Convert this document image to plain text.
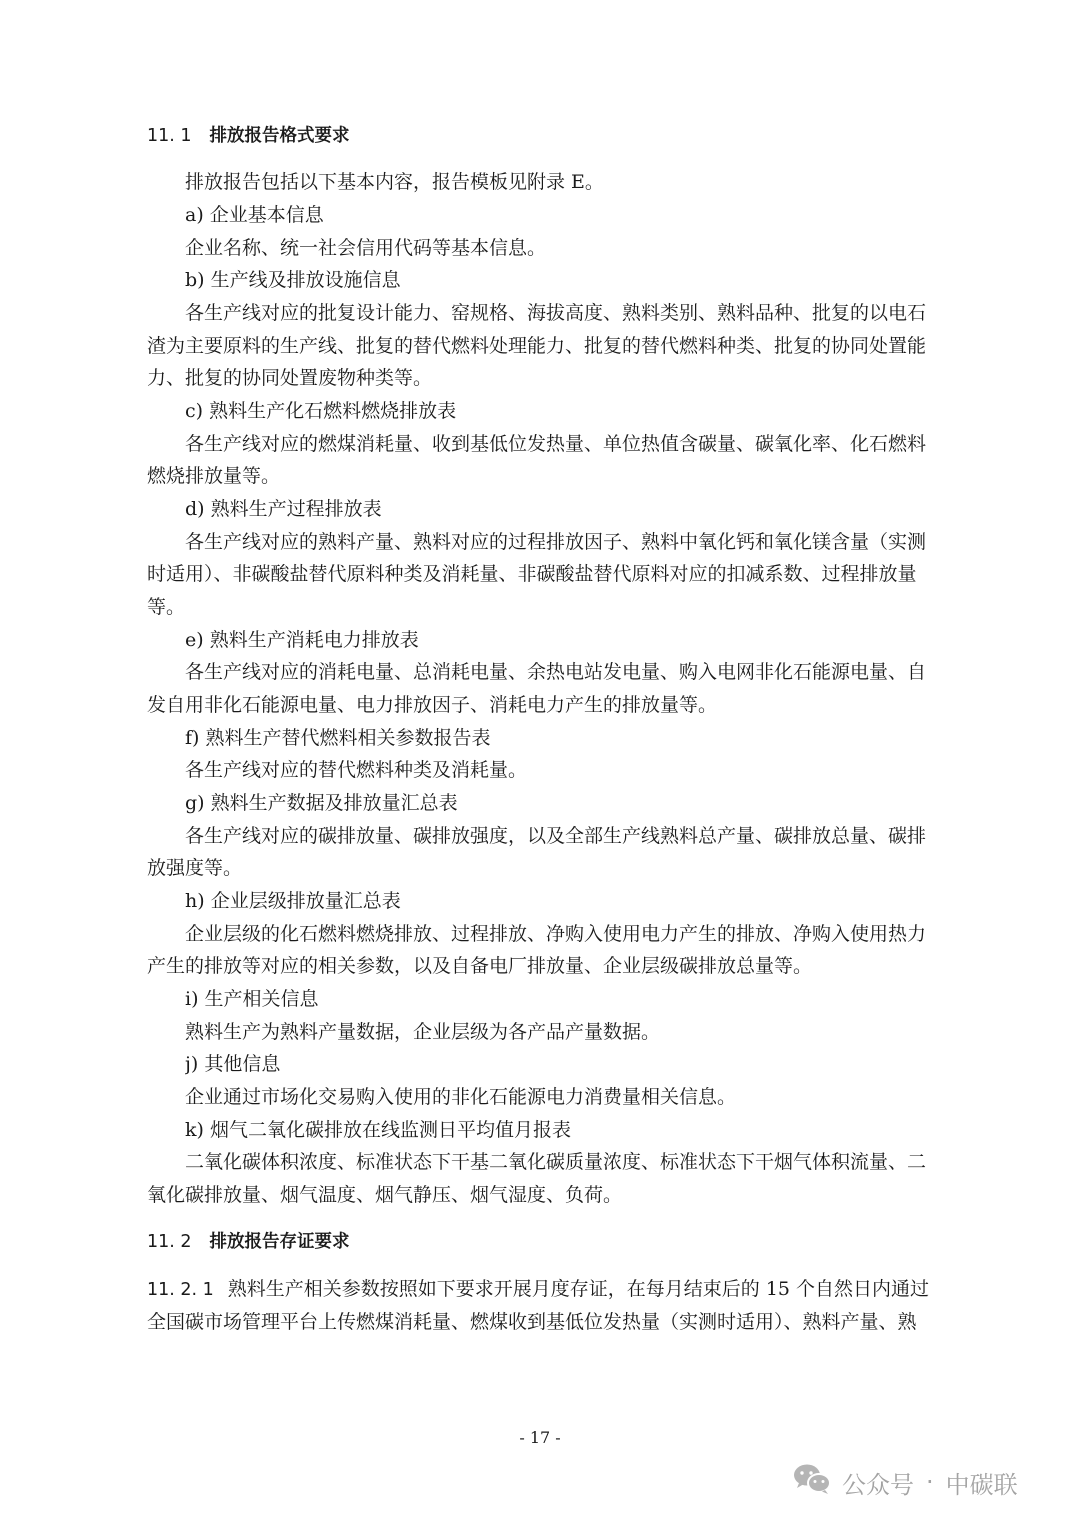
11. 1 排放报告格式要求
排放报告包括以下基本内容，报告模板见附录 E。
a) 企业基本信息
企业名称、统一社会信用代码等基本信息。
b) 生产线及排放设施信息
各生产线对应的批复设计能力、窑规格、海拔高度、熟料类别、熟料品种、批复的以电石
渣为主要原料的生产线、批复的替代燃料处理能力、批复的替代燃料种类、批复的协同处置能
力、批复的协同处置废物种类等。
c) 熟料生产化石燃料燃烧排放表
各生产线对应的燃煤消耗量、收到基低位发热量、单位热值含碳量、碳氧化率、化石燃料
燃烧排放量等。
d) 熟料生产过程排放表
各生产线对应的熟料产量、熟料对应的过程排放因子、熟料中氧化钙和氧化镁含量（实测
时适用）、非碳酸盐替代原料种类及消耗量、非碳酸盐替代原料对应的扣减系数、过程排放量
等。
e) 熟料生产消耗电力排放表
各生产线对应的消耗电量、总消耗电量、余热电站发电量、购入电网非化石能源电量、自
发自用非化石能源电量、电力排放因子、消耗电力产生的排放量等。
f) 熟料生产替代燃料相关参数报告表
各生产线对应的替代燃料种类及消耗量。
g) 熟料生产数据及排放量汇总表
各生产线对应的碳排放量、碳排放强度，以及全部生产线熟料总产量、碳排放总量、碳排
放强度等。
h) 企业层级排放量汇总表
企业层级的化石燃料燃烧排放、过程排放、净购入使用电力产生的排放、净购入使用热力
产生的排放等对应的相关参数，以及自备电厂排放量、企业层级碳排放总量等。
i) 生产相关信息
熟料生产为熟料产量数据，企业层级为各产品产量数据。
j) 其他信息
企业通过市场化交易购入使用的非化石能源电力消费量相关信息。
k) 烟气二氧化碳排放在线监测日平均值月报表
二氧化碳体积浓度、标准状态下干基二氧化碳质量浓度、标准状态下干烟气体积流量、二
氧化碳排放量、烟气温度、烟气静压、烟气湿度、负荷。
11. 2 排放报告存证要求
11. 2. 1 熟料生产相关参数按照如下要求开展月度存证，在每月结束后的 15 个自然日内通过
全国碳市场管理平台上传燃煤消耗量、燃煤收到基低位发热量（实测时适用）、熟料产量、熟
- 17 -
公众号 · 中碳联
